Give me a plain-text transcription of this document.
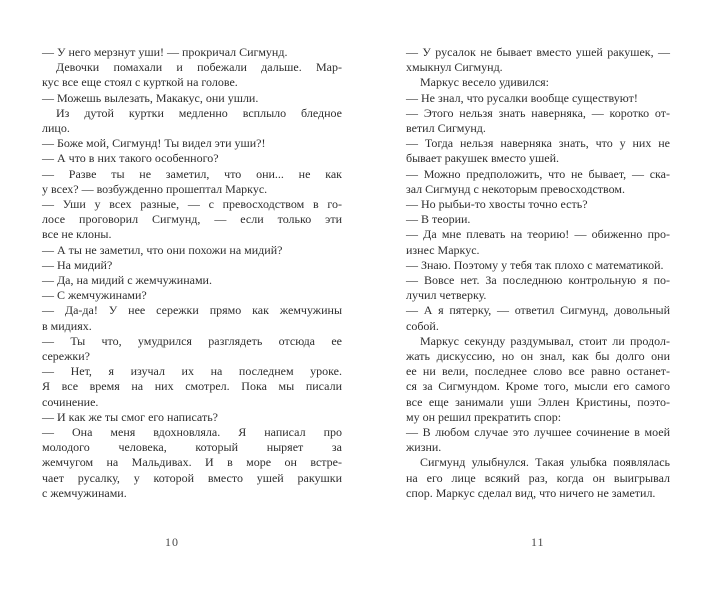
— У него мерзнут уши! — прокричал Сигмунд.
Девочки помахали и побежали дальше. Мар-
кус все еще стоял с курткой на голове.
— Можешь вылезать, Макакус, они ушли.
Из дутой куртки медленно всплыло бледное
лицо.
— Боже мой, Сигмунд! Ты видел эти уши?!
— А что в них такого особенного?
— Разве ты не заметил, что они... не как
у всех? — возбужденно прошептал Маркус.
— Уши у всех разные, — с превосходством в го-
лосе проговорил Сигмунд, — если только эти
все не клоны.
— А ты не заметил, что они похожи на мидий?
— На мидий?
— Да, на мидий с жемчужинами.
— С жемчужинами?
— Да-да! У нее сережки прямо как жемчужины
в мидиях.
— Ты что, умудрился разглядеть отсюда ее
сережки?
— Нет, я изучал их на последнем уроке.
Я все время на них смотрел. Пока мы писали
сочинение.
— И как же ты смог его написать?
— Она меня вдохновляла. Я написал про
молодого человека, который ныряет за
жемчугом на Мальдивах. И в море он встре-
чает русалку, у которой вместо ушей ракушки
с жемчужинами.
— У русалок не бывает вместо ушей ракушек, —
хмыкнул Сигмунд.
Маркус весело удивился:
— Не знал, что русалки вообще существуют!
— Этого нельзя знать наверняка, — коротко от-
ветил Сигмунд.
— Тогда нельзя наверняка знать, что у них не
бывает ракушек вместо ушей.
— Можно предположить, что не бывает, — ска-
зал Сигмунд с некоторым превосходством.
— Но рыбьи-то хвосты точно есть?
— В теории.
— Да мне плевать на теорию! — обиженно про-
изнес Маркус.
— Знаю. Поэтому у тебя так плохо с математикой.
— Вовсе нет. За последнюю контрольную я по-
лучил четверку.
— А я пятерку, — ответил Сигмунд, довольный
собой.
Маркус секунду раздумывал, стоит ли продол-
жать дискуссию, но он знал, как бы долго они
ее ни вели, последнее слово все равно останет-
ся за Сигмундом. Кроме того, мысли его самого
все еще занимали уши Эллен Кристины, поэто-
му он решил прекратить спор:
— В любом случае это лучшее сочинение в моей
жизни.
Сигмунд улыбнулся. Такая улыбка появлялась
на его лице всякий раз, когда он выигрывал
спор. Маркус сделал вид, что ничего не заметил.
10	11
